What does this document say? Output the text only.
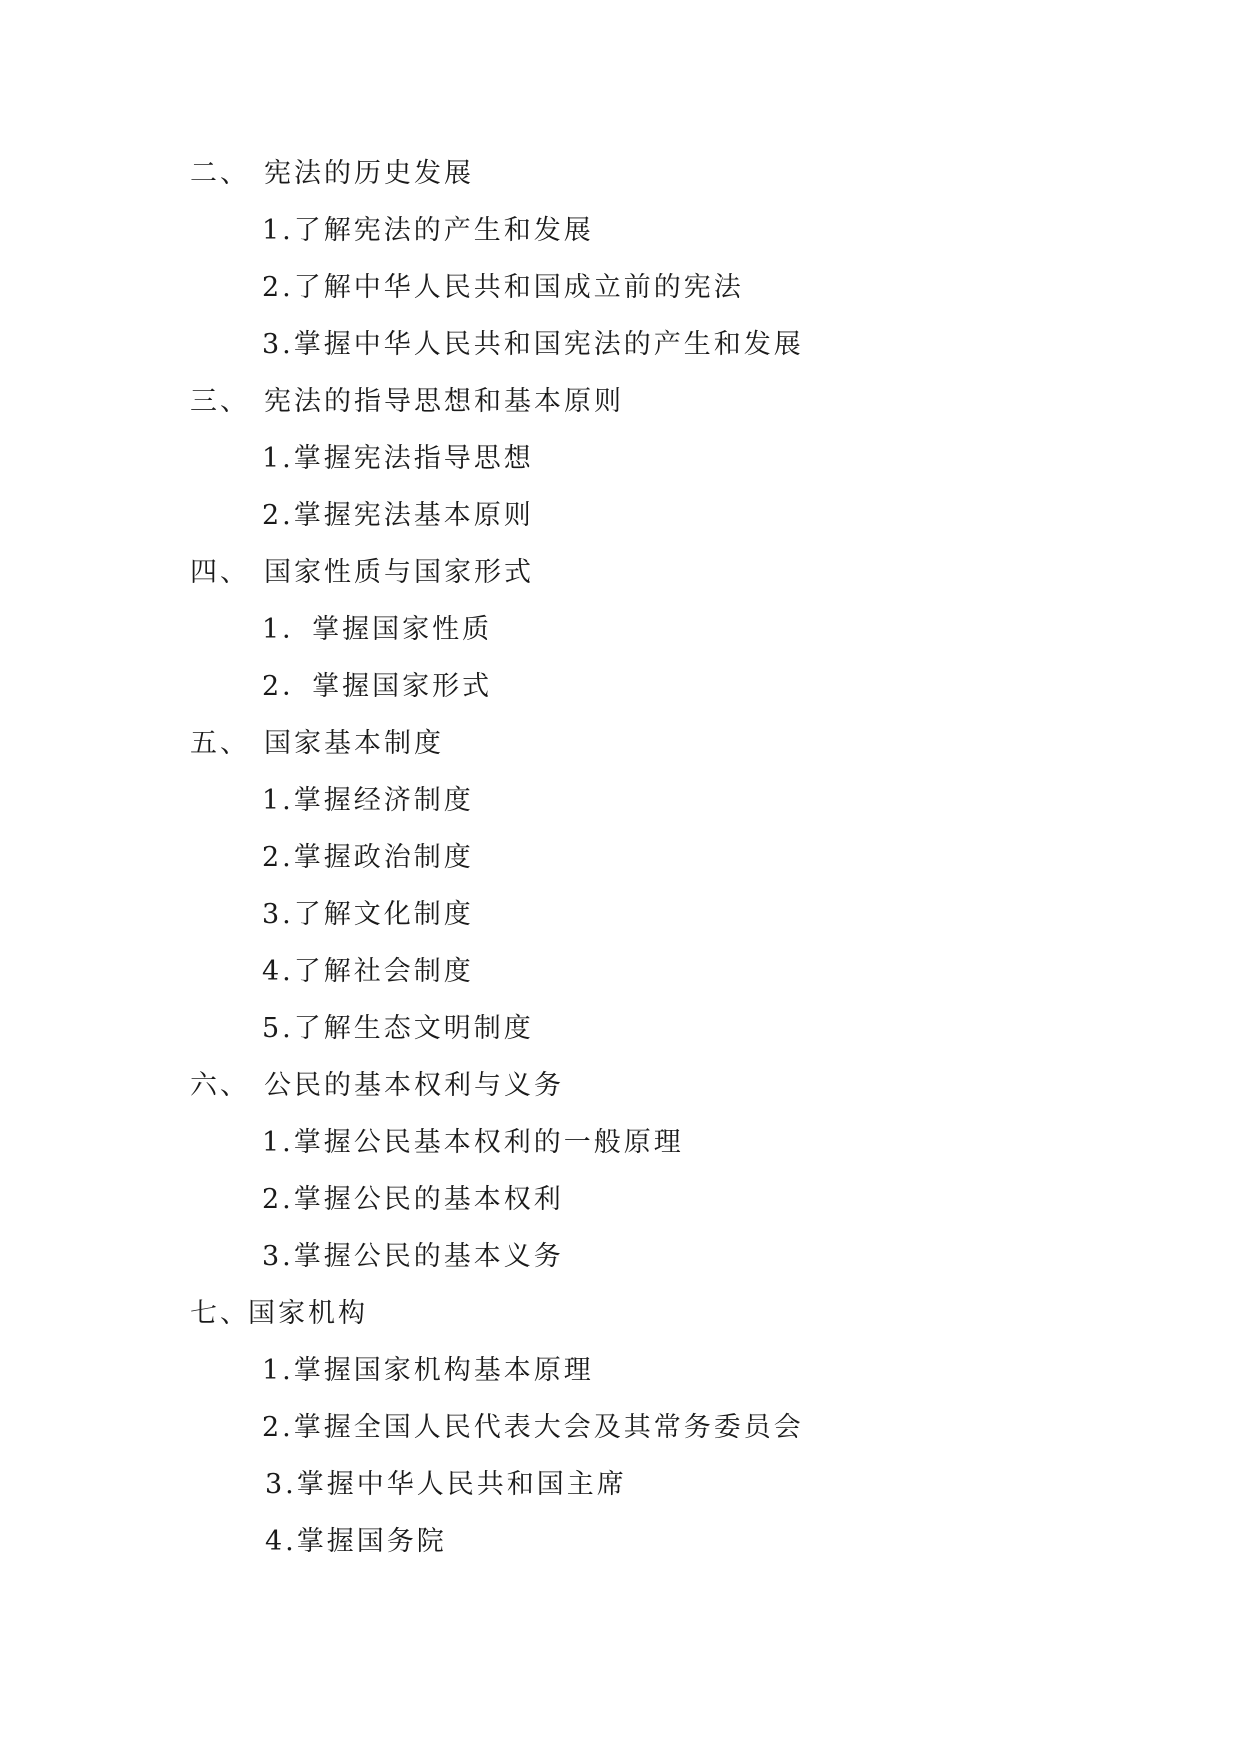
二、 宪法的历史发展
1.了解宪法的产生和发展
2.了解中华人民共和国成立前的宪法
3.掌握中华人民共和国宪法的产生和发展
三、 宪法的指导思想和基本原则
1.掌握宪法指导思想
2.掌握宪法基本原则
四、 国家性质与国家形式
1．掌握国家性质
2．掌握国家形式
五、 国家基本制度
1.掌握经济制度
2.掌握政治制度
3.了解文化制度
4.了解社会制度
5.了解生态文明制度
六、 公民的基本权利与义务
1.掌握公民基本权利的一般原理
2.掌握公民的基本权利
3.掌握公民的基本义务
七、
国家机构
1.掌握国家机构基本原理
2.掌握全国人民代表大会及其常务委员会
3.掌握中华人民共和国主席
4.掌握国务院
